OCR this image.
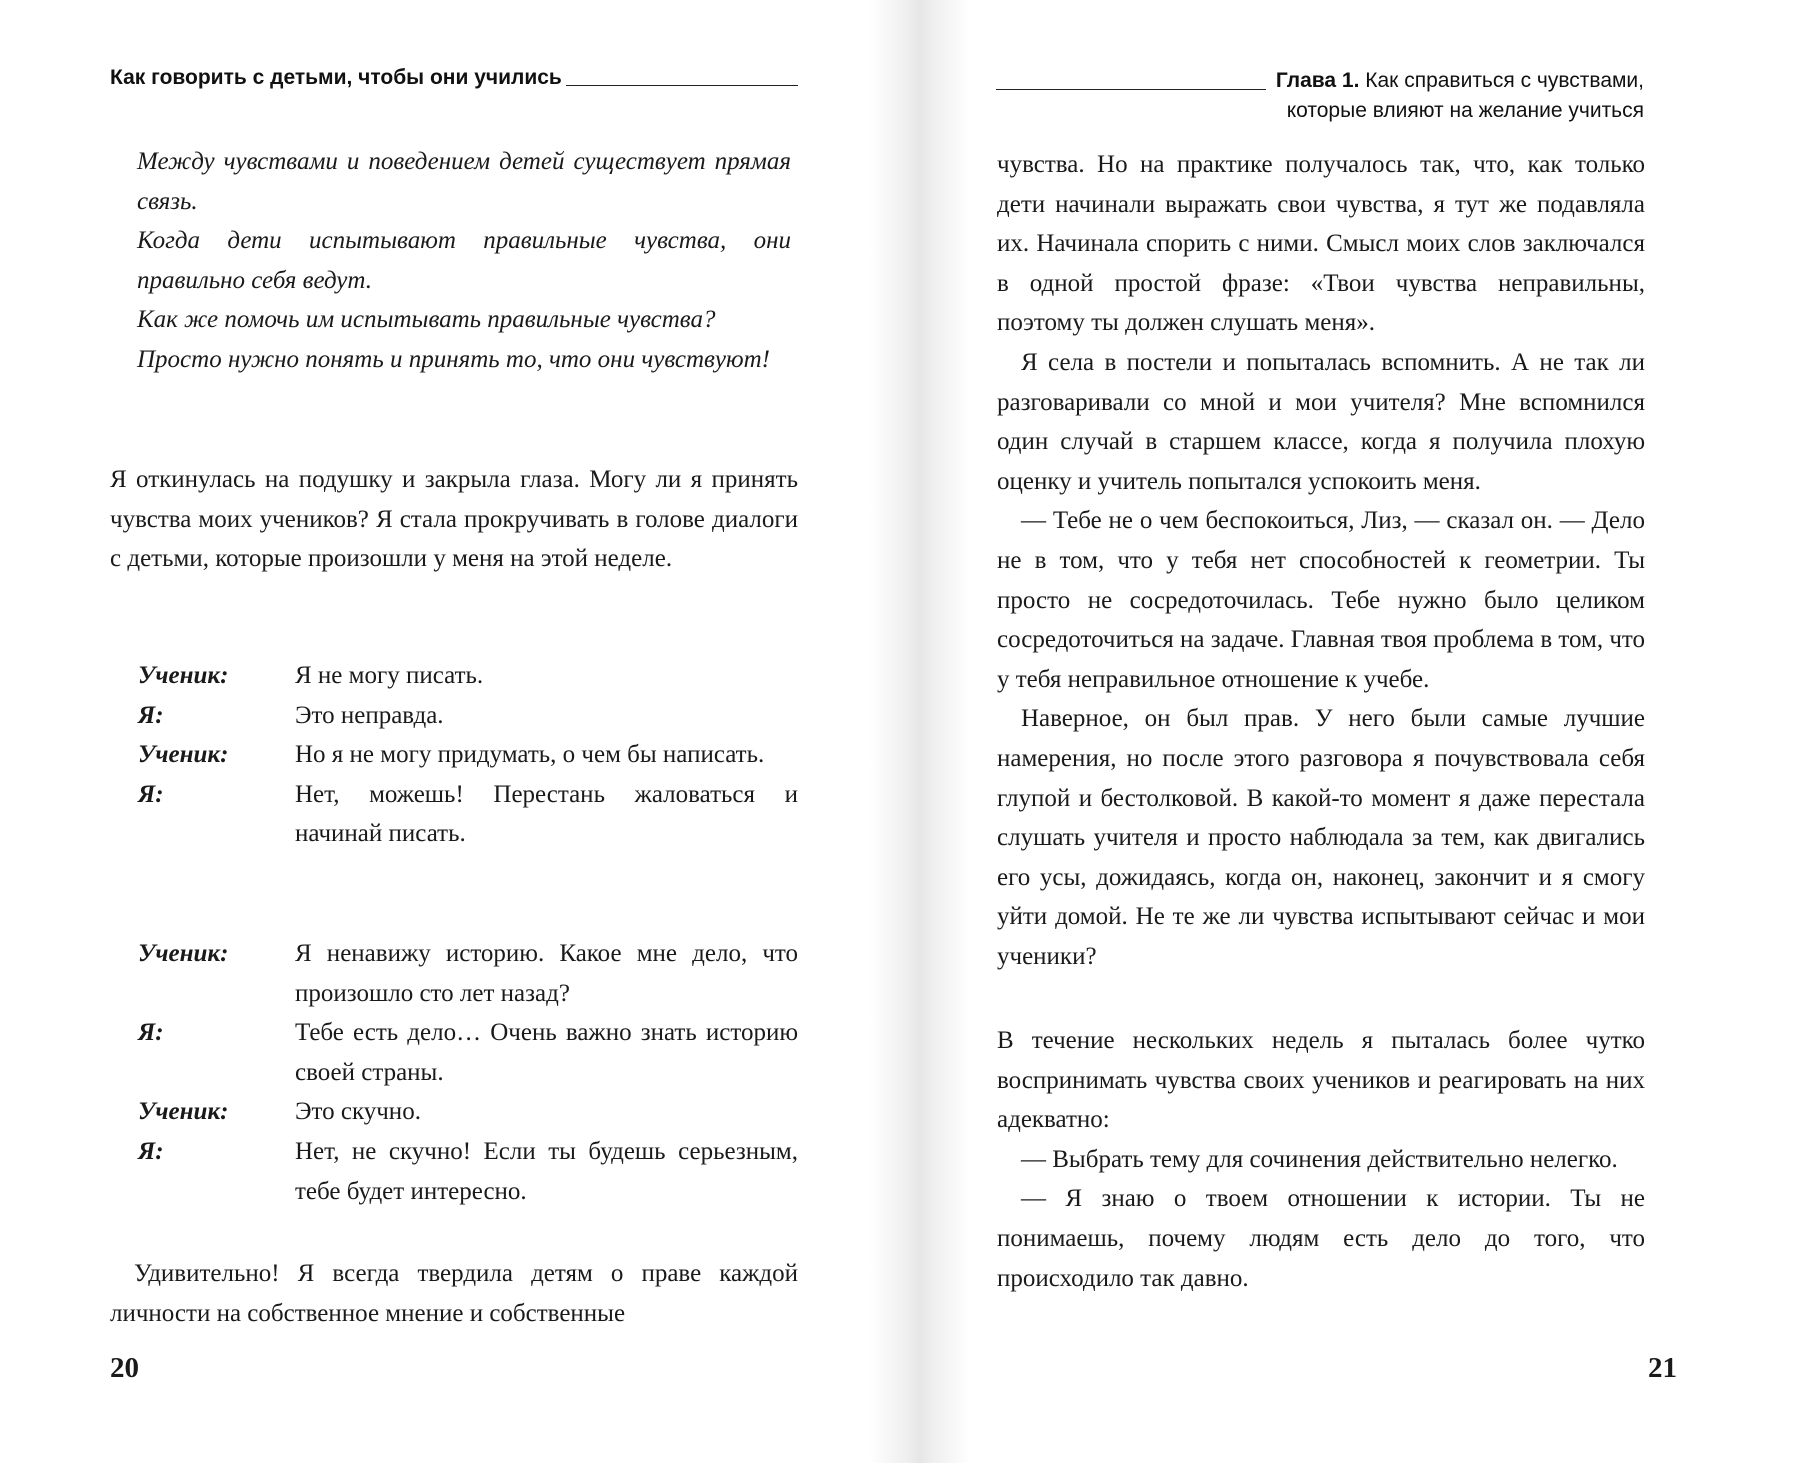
Как говорить с детьми, чтобы они учились

Между чувствами и поведением детей существует прямая связь.

Когда дети испытывают правильные чувства, они правильно себя ведут.

Как же помочь им испытывать правильные чувства?

Просто нужно понять и принять то, что они чувствуют!

Я откинулась на подушку и закрыла глаза. Могу ли я принять чувства моих учеников? Я стала прокручивать в голове диалоги с детьми, которые произошли у меня на этой неделе.

Ученик:	Я не могу писать.
Я:	Это неправда.
Ученик:	Но я не могу придумать, о чем бы написать.
Я:	Нет, можешь! Перестань жаловаться и начинай писать.
Ученик:	Я ненавижу историю. Какое мне дело, что произошло сто лет назад?
Я:	Тебе есть дело… Очень важно знать историю своей страны.
Ученик:	Это скучно.
Я:	Нет, не скучно! Если ты будешь серьезным, тебе будет интересно.

Удивительно! Я всегда твердила детям о праве каждой личности на собственное мнение и собственные

20
Глава 1.
Как справиться с чувствами,
которые влияют на желание учиться

чувства. Но на практике получалось так, что, как только дети начинали выражать свои чувства, я тут же подавляла их. Начинала спорить с ними. Смысл моих слов заключался в одной простой фразе: «Твои чувства неправильны, поэтому ты должен слушать меня».

Я села в постели и попыталась вспомнить. А не так ли разговаривали со мной и мои учителя? Мне вспомнился один случай в старшем классе, когда я получила плохую оценку и учитель попытался успокоить меня.

— Тебе не о чем беспокоиться, Лиз, — сказал он. — Дело не в том, что у тебя нет способностей к геометрии. Ты просто не сосредоточилась. Тебе нужно было целиком сосредоточиться на задаче. Главная твоя проблема в том, что у тебя неправильное отношение к учебе.

Наверное, он был прав. У него были самые лучшие намерения, но после этого разговора я почувствовала себя глупой и бестолковой. В какой-то момент я даже перестала слушать учителя и просто наблюдала за тем, как двигались его усы, дожидаясь, когда он, наконец, закончит и я смогу уйти домой. Не те же ли чувства испытывают сейчас и мои ученики?

В течение нескольких недель я пыталась более чутко воспринимать чувства своих учеников и реагировать на них адекватно:

— Выбрать тему для сочинения действительно нелегко.

— Я знаю о твоем отношении к истории. Ты не понимаешь, почему людям есть дело до того, что происходило так давно.

21
